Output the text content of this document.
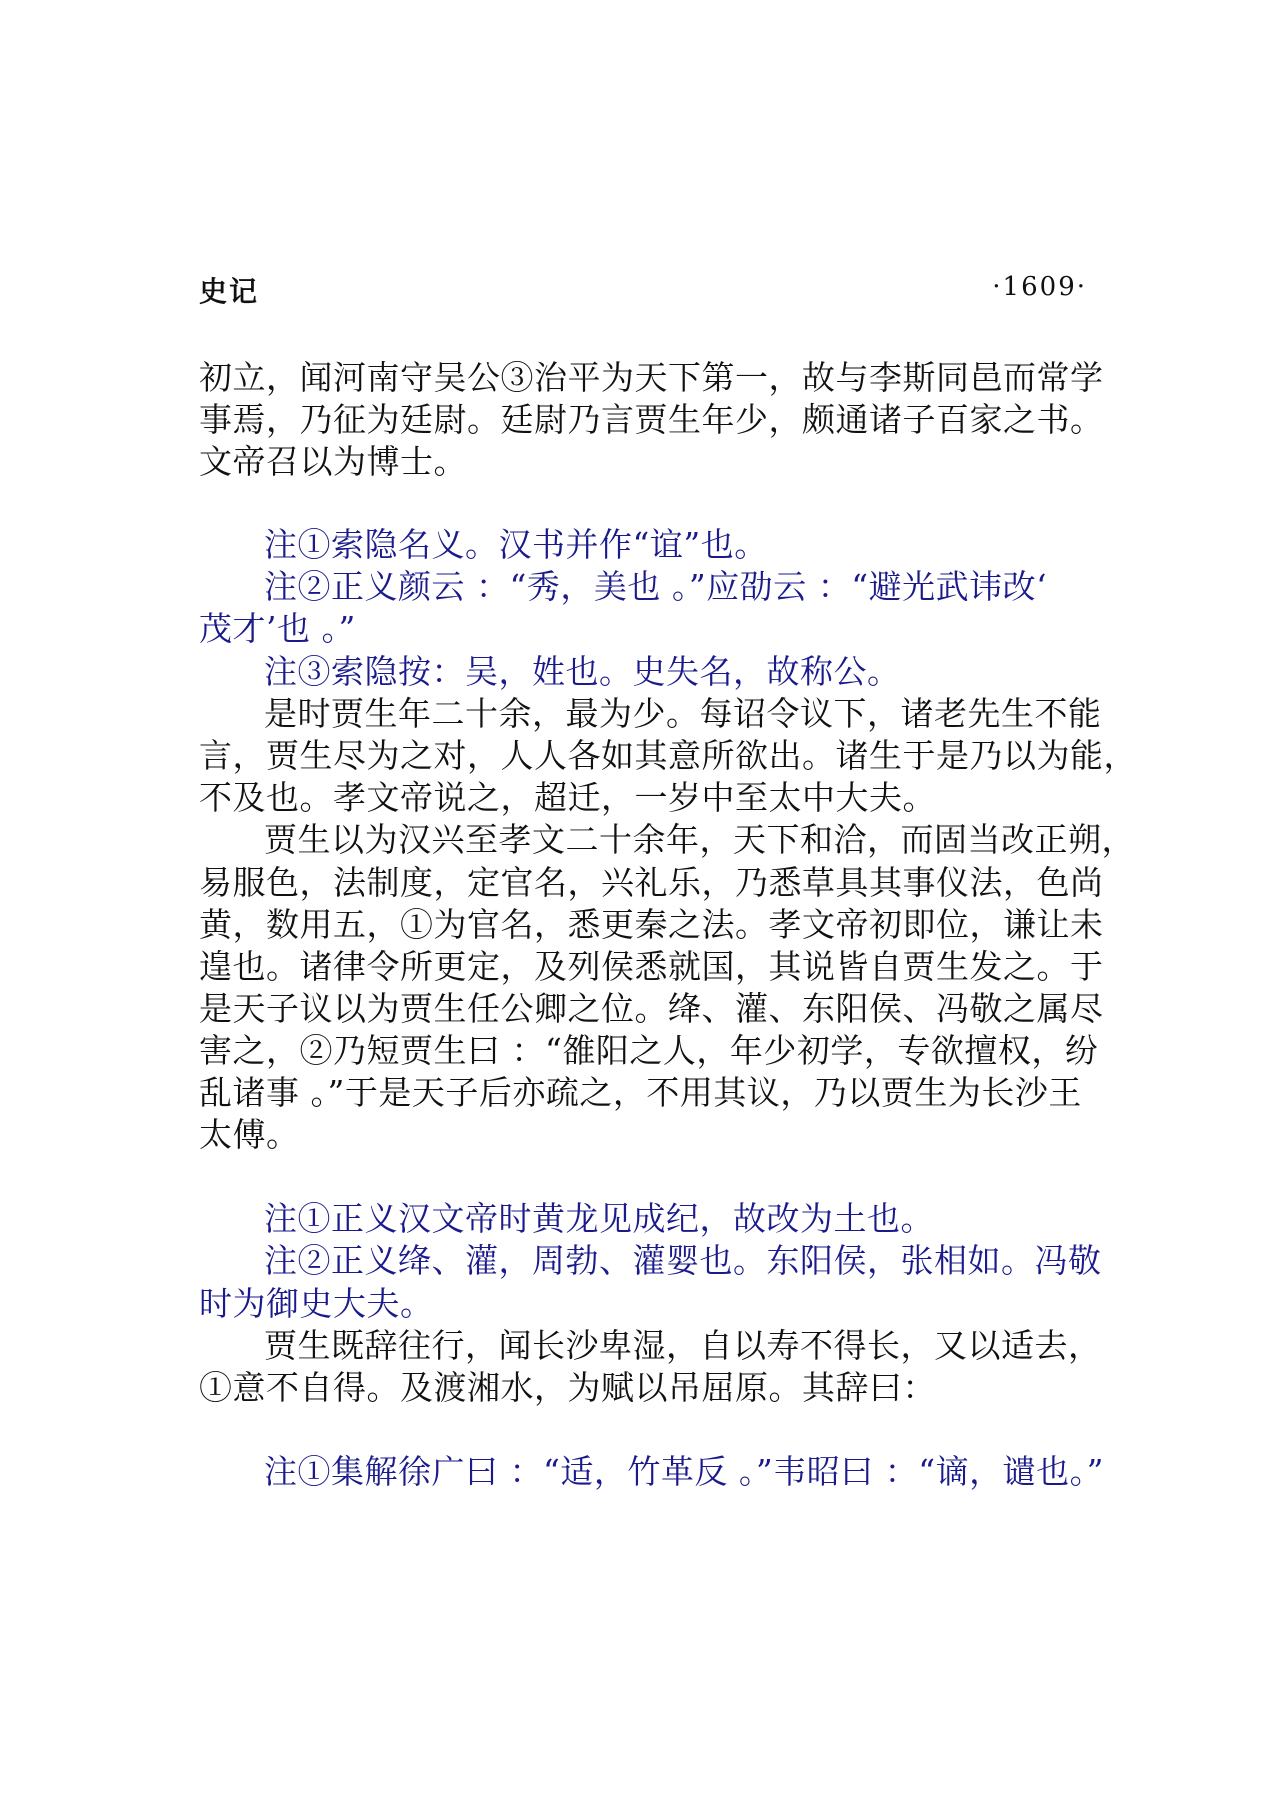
史记	·1609·
初立，闻河南守吴公③治平为天下第一，故与李斯同邑而常学
事焉，乃征为廷尉。廷尉乃言贾生年少，颇通诸子百家之书。
文帝召以为博士。
注①索隐名义。汉书并作“谊”也。
注②正义颜云 ：“秀，美也 。”应劭云 ：“避光武讳改‘
茂才’也 。”
注③索隐按：吴，姓也。史失名，故称公。
是时贾生年二十余，最为少。每诏令议下，诸老先生不能
言，贾生尽为之对，人人各如其意所欲出。诸生于是乃以为能，
不及也。孝文帝说之，超迁，一岁中至太中大夫。
贾生以为汉兴至孝文二十余年，天下和洽，而固当改正朔，
易服色，法制度，定官名，兴礼乐，乃悉草具其事仪法，色尚
黄，数用五，①为官名，悉更秦之法。孝文帝初即位，谦让未
遑也。诸律令所更定，及列侯悉就国，其说皆自贾生发之。于
是天子议以为贾生任公卿之位。绛、灌、东阳侯、冯敬之属尽
害之，②乃短贾生曰 ：“雒阳之人，年少初学，专欲擅权，纷
乱诸事 。”于是天子后亦疏之，不用其议，乃以贾生为长沙王
太傅。
注①正义汉文帝时黄龙见成纪，故改为土也。
注②正义绛、灌，周勃、灌婴也。东阳侯，张相如。冯敬
时为御史大夫。
贾生既辞往行，闻长沙卑湿，自以寿不得长，又以适去，
①意不自得。及渡湘水，为赋以吊屈原。其辞曰：
注①集解徐广曰 ：“适，竹革反 。”韦昭曰 ：“谪，谴也。”
